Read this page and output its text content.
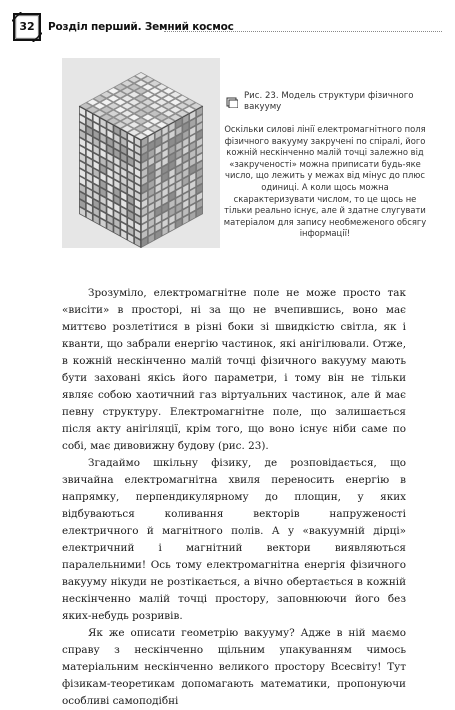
32	Розділ перший. Земний космос
Рис. 23. Модель структури фізичного вакууму
Оскільки силові лінії електромагнітного поля фізичного вакууму закручені по спіралі, його кожній нескінченно малій точці залежно від «закрученості» можна приписати будь-яке число, що лежить у межах від мінус до плюс одиниці. А коли щось можна скарактеризувати числом, то це щось не тільки реально існує, але й здатне слугувати матеріалом для запису необмеженого обсягу інформації!

Зрозуміло, електромагнітне поле не може просто так «висіти» в просторі, ні за що не вчепившись, воно має миттєво розлетітися в різні боки зі швидкістю світла, як і кванти, що забрали енергію частинок, які анігілювали. Отже, в кожній нескінченно малій точці фізичного вакууму мають бути заховані якісь його параметри, і тому він не тільки являє собою хаотичний газ віртуальних частинок, але й має певну структуру. Електромагнітне поле, що залишається після акту анігіляції, крім того, що воно існує ніби саме по собі, має дивовижну будову (рис. 23).

Згадаймо шкільну фізику, де розповідається, що звичайна електромагнітна хвиля переносить енергію в напрямку, перпендикулярному до площин, у яких відбуваються коливання векторів напруженості електричного й магнітного полів. А у «вакуумній дірці» електричний і магнітний вектори виявляються паралельними! Ось тому електромагнітна енергія фізичного вакууму нікуди не розтікається, а вічно обертається в кожній нескінченно малій точці простору, заповнюючи його без яких-небудь розривів.

Як же описати геометрію вакууму? Адже в ній маємо справу з нескінченно щільним упакуванням чимось матеріальним нескінченно великого простору Всесвіту! Тут фізикам-теоретикам допомагають математики, пропонуючи особливі самоподібні
